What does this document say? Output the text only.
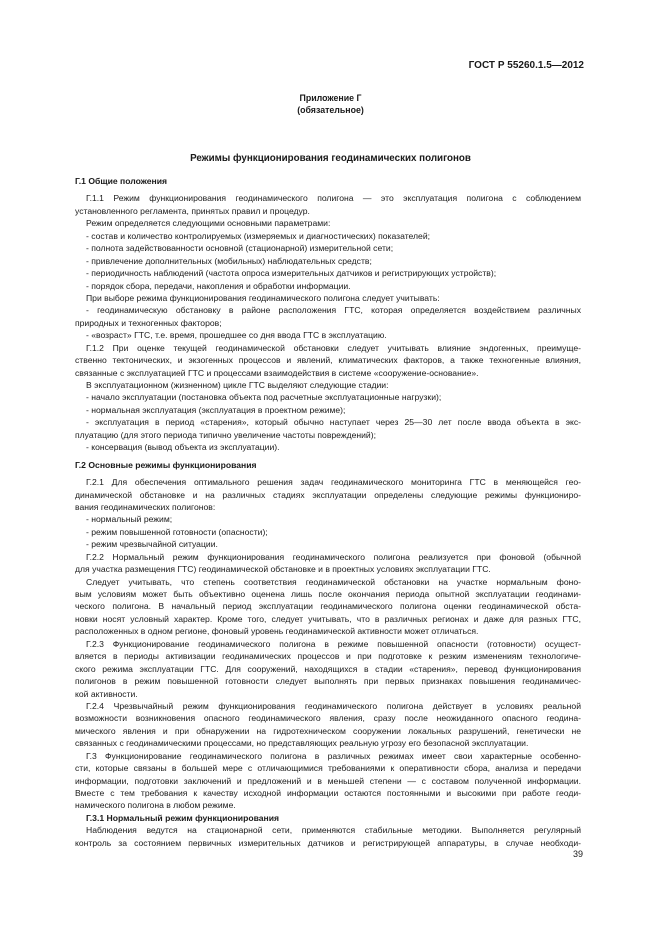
ГОСТ Р 55260.1.5—2012
Приложение Г
(обязательное)
Режимы функционирования геодинамических полигонов
Г.1 Общие положения
Г.1.1 Режим функционирования геодинамического полигона — это эксплуатация полигона с соблюдением
установленного регламента, принятых правил и процедур.
Режим определяется следующими основными параметрами:
- состав и количество контролируемых (измеряемых и диагностических) показателей;
- полнота задействованности основной (стационарной) измерительной сети;
- привлечение дополнительных (мобильных) наблюдательных средств;
- периодичность наблюдений (частота опроса измерительных датчиков и регистрирующих устройств);
- порядок сбора, передачи, накопления и обработки информации.
При выборе режима функционирования геодинамического полигона следует учитывать:
- геодинамическую обстановку в районе расположения ГТС, которая определяется воздействием различных
природных и техногенных факторов;
- «возраст» ГТС, т.е. время, прошедшее со дня ввода ГТС в эксплуатацию.
Г.1.2 При оценке текущей геодинамической обстановки следует учитывать влияние эндогенных, преимуще-
ственно тектонических, и экзогенных процессов и явлений, климатических факторов, а также техногенные влияния,
связанные с эксплуатацией ГТС и процессами взаимодействия в системе «сооружение-основание».
В эксплуатационном (жизненном) цикле ГТС выделяют следующие стадии:
- начало эксплуатации (постановка объекта под расчетные эксплуатационные нагрузки);
- нормальная эксплуатация (эксплуатация в проектном режиме);
- эксплуатация в период «старения», который обычно наступает через 25—30 лет после ввода объекта в экс-
плуатацию (для этого периода типично увеличение частоты повреждений);
- консервация (вывод объекта из эксплуатации).
Г.2 Основные режимы функционирования
Г.2.1 Для обеспечения оптимального решения задач геодинамического мониторинга ГТС в меняющейся гео-
динамической обстановке и на различных стадиях эксплуатации определены следующие режимы функциониро-
вания геодинамических полигонов:
- нормальный режим;
- режим повышенной готовности (опасности);
- режим чрезвычайной ситуации.
Г.2.2 Нормальный режим функционирования геодинамического полигона реализуется при фоновой (обычной
для участка размещения ГТС) геодинамической обстановке и в проектных условиях эксплуатации ГТС.
Следует учитывать, что степень соответствия геодинамической обстановки на участке нормальным фоно-
вым условиям может быть объективно оценена лишь после окончания периода опытной эксплуатации геодинами-
ческого полигона. В начальный период эксплуатации геодинамического полигона оценки геодинамической обста-
новки носят условный характер. Кроме того, следует учитывать, что в различных регионах и даже для разных ГТС,
расположенных в одном регионе, фоновый уровень геодинамической активности может отличаться.
Г.2.3 Функционирование геодинамического полигона в режиме повышенной опасности (готовности) осущест-
вляется в периоды активизации геодинамических процессов и при подготовке к резким изменениям технологиче-
ского режима эксплуатации ГТС. Для сооружений, находящихся в стадии «старения», перевод функционирования
полигонов в режим повышенной готовности следует выполнять при первых признаках повышения геодинамичес-
кой активности.
Г.2.4 Чрезвычайный режим функционирования геодинамического полигона действует в условиях реальной
возможности возникновения опасного геодинамического явления, сразу после неожиданного опасного геодина-
мического явления и при обнаружении на гидротехническом сооружении локальных разрушений, генетически не
связанных с геодинамическими процессами, но представляющих реальную угрозу его безопасной эксплуатации.
Г.3 Функционирование геодинамического полигона в различных режимах имеет свои характерные особенно-
сти, которые связаны в большей мере с отличающимися требованиями к оперативности сбора, анализа и передачи
информации, подготовки заключений и предложений и в меньшей степени — с составом полученной информации.
Вместе с тем требования к качеству исходной информации остаются постоянными и высокими при работе геоди-
намического полигона в любом режиме.
Г.3.1 Нормальный режим функционирования
Наблюдения ведутся на стационарной сети, применяются стабильные методики. Выполняется регулярный
контроль за состоянием первичных измерительных датчиков и регистрирующей аппаратуры, в случае необходи-
39
